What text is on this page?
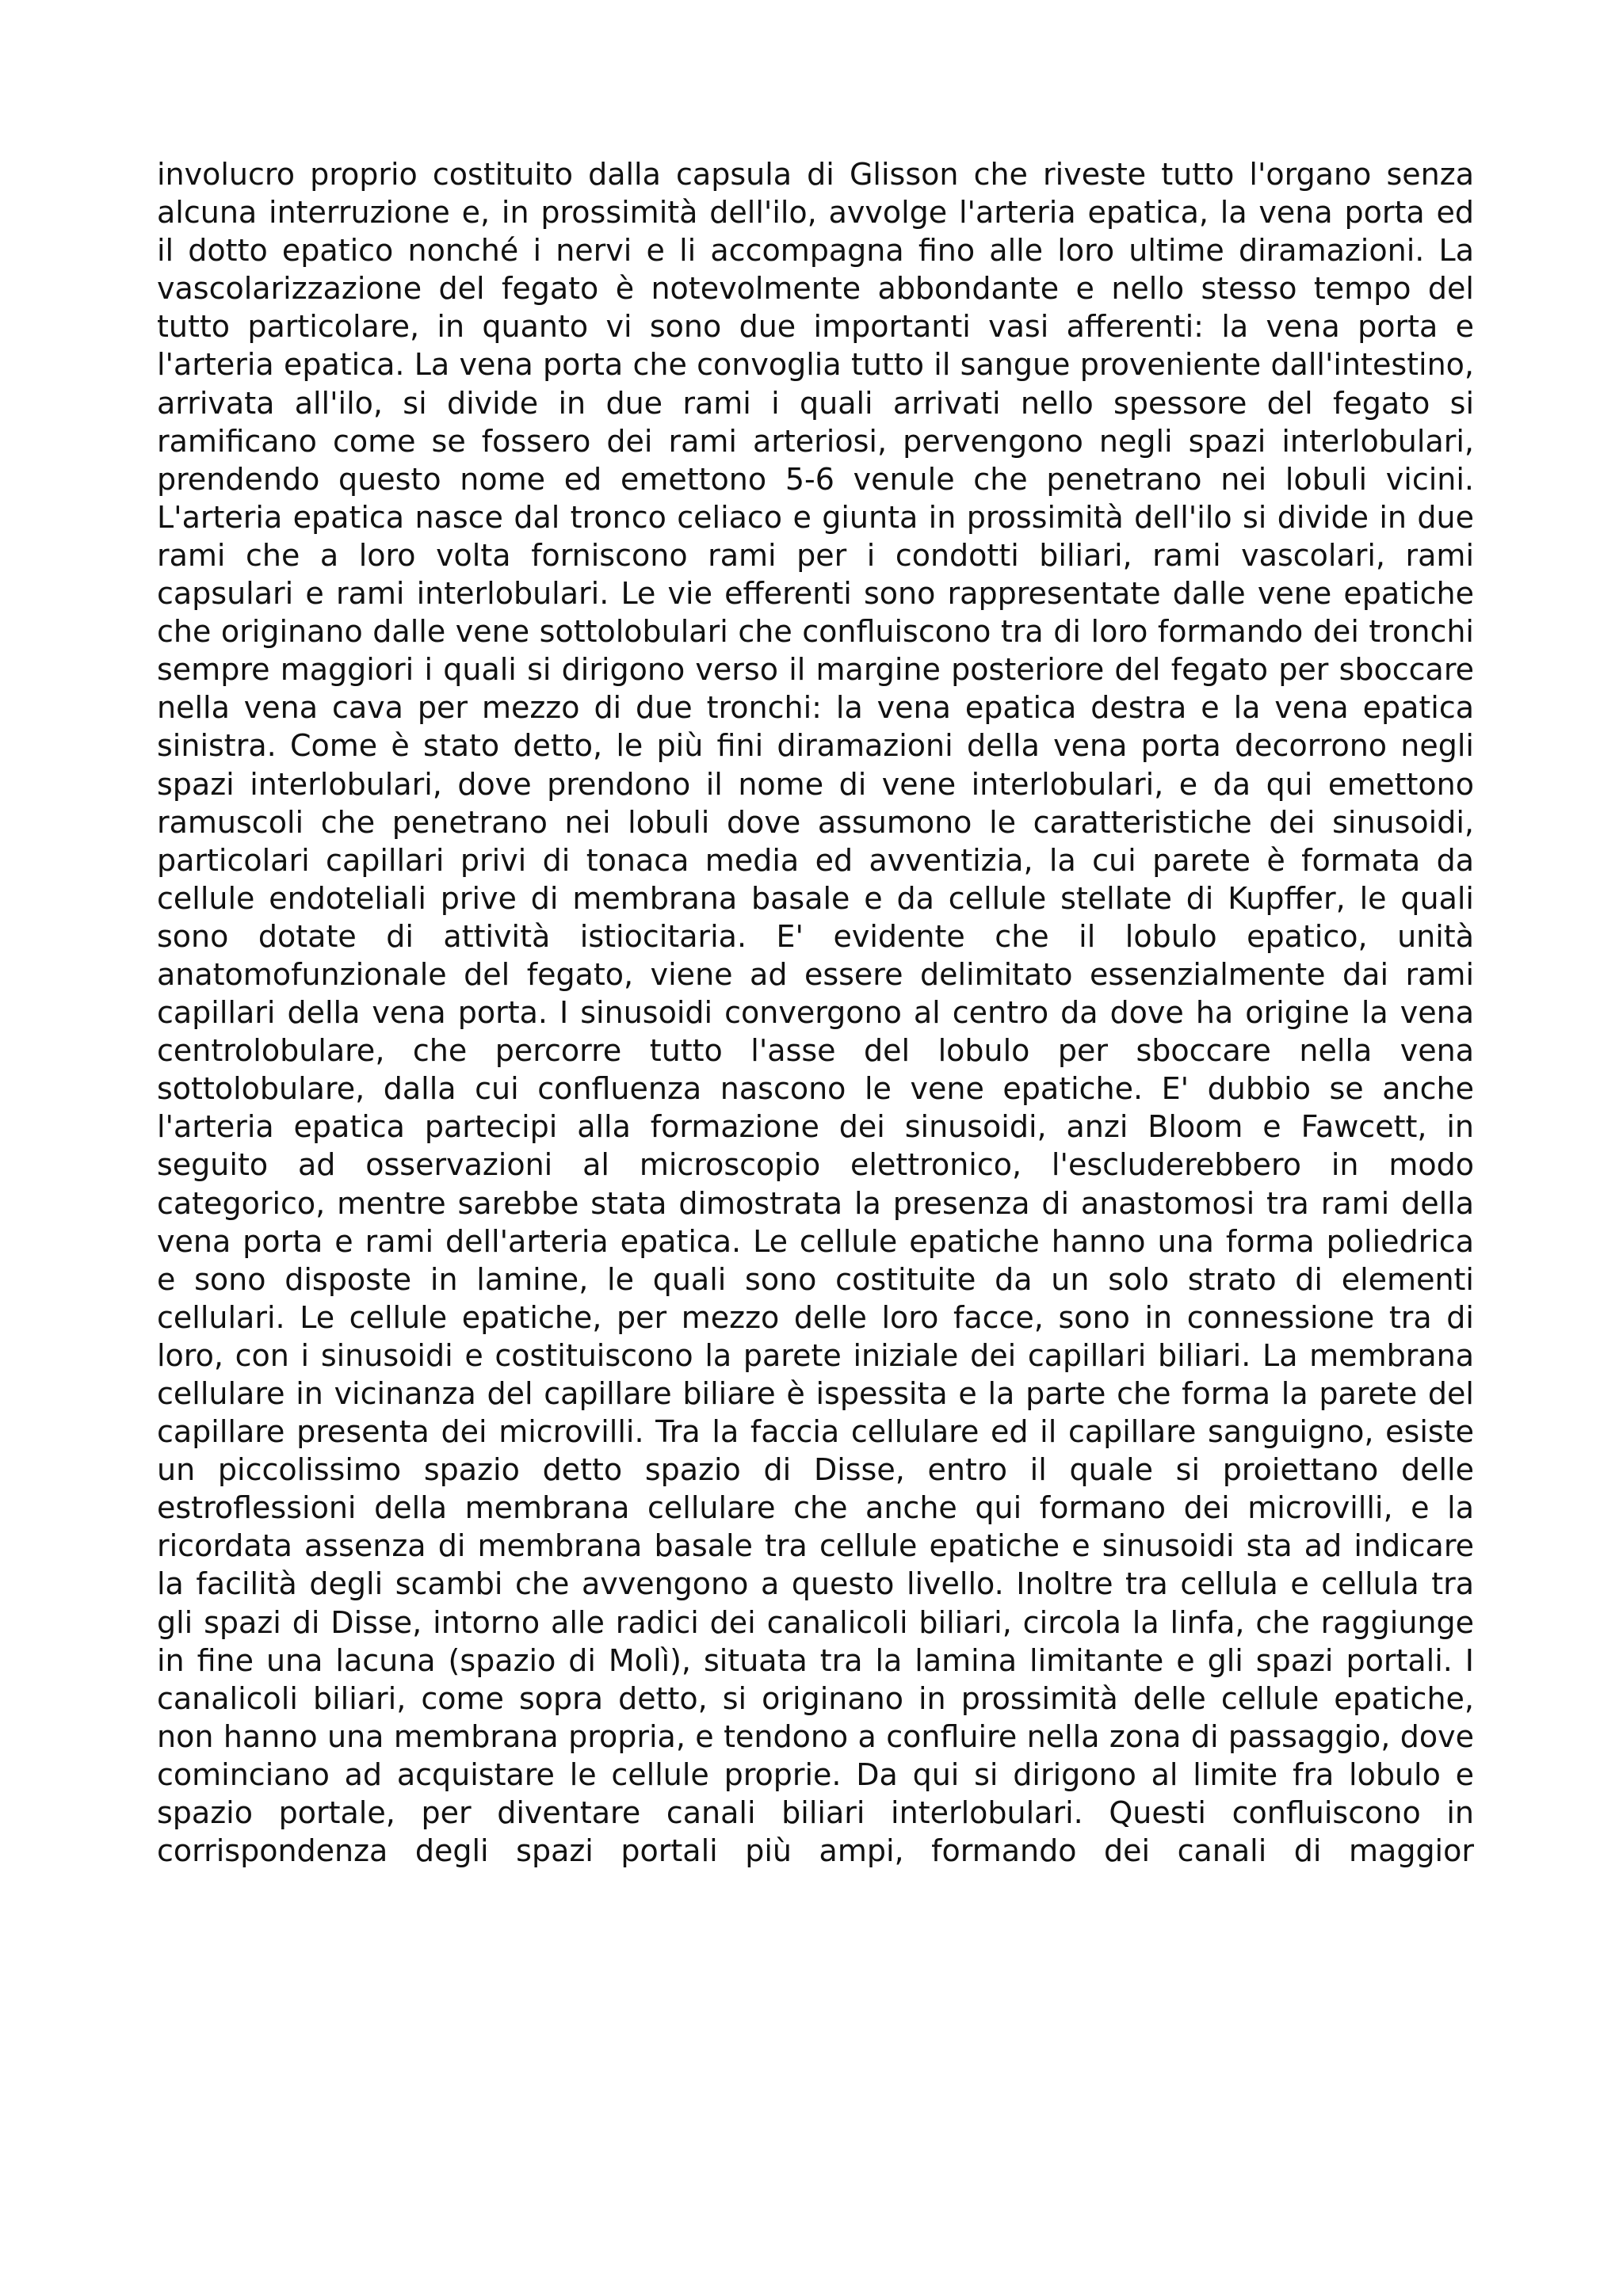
involucro proprio costituito dalla capsula di Glisson che riveste tutto l'organo senza alcuna interruzione e, in prossimità dell'ilo, avvolge l'arteria epatica, la vena porta ed il dotto epatico nonché i nervi e li accompagna fino alle loro ultime diramazioni. La vascolarizzazione del fegato è notevolmente abbondante e nello stesso tempo del tutto particolare, in quanto vi sono due importanti vasi afferenti: la vena porta e l'arteria epatica. La vena porta che convoglia tutto il sangue proveniente dall'intestino, arrivata all'ilo, si divide in due rami i quali arrivati nello spessore del fegato si ramificano come se fossero dei rami arteriosi, pervengono negli spazi interlobulari, prendendo questo nome ed emettono 5-6 venule che penetrano nei lobuli vicini. L'arteria epatica nasce dal tronco celiaco e giunta in prossimità dell'ilo si divide in due rami che a loro volta forniscono rami per i condotti biliari, rami vascolari, rami capsulari e rami interlobulari. Le vie efferenti sono rappresentate dalle vene epatiche che originano dalle vene sottolobulari che confluiscono tra di loro formando dei tronchi sempre maggiori i quali si dirigono verso il margine posteriore del fegato per sboccare nella vena cava per mezzo di due tronchi: la vena epatica destra e la vena epatica sinistra. Come è stato detto, le più fini diramazioni della vena porta decorrono negli spazi interlobulari, dove prendono il nome di vene interlobulari, e da qui emettono ramuscoli che penetrano nei lobuli dove assumono le caratteristiche dei sinusoidi, particolari capillari privi di tonaca media ed avventizia, la cui parete è formata da cellule endoteliali prive di membrana basale e da cellule stellate di Kupffer, le quali sono dotate di attività istiocitaria. E' evidente che il lobulo epatico, unità anatomofunzionale del fegato, viene ad essere delimitato essenzialmente dai rami capillari della vena porta. I sinusoidi convergono al centro da dove ha origine la vena centrolobulare, che percorre tutto l'asse del lobulo per sboccare nella vena sottolobulare, dalla cui confluenza nascono le vene epatiche. E' dubbio se anche l'arteria epatica partecipi alla formazione dei sinusoidi, anzi Bloom e Fawcett, in seguito ad osservazioni al microscopio elettronico, l'escluderebbero in modo categorico, mentre sarebbe stata dimostrata la presenza di anastomosi tra rami della vena porta e rami dell'arteria epatica. Le cellule epatiche hanno una forma poliedrica e sono disposte in lamine, le quali sono costituite da un solo strato di elementi cellulari. Le cellule epatiche, per mezzo delle loro facce, sono in connessione tra di loro, con i sinusoidi e costituiscono la parete iniziale dei capillari biliari. La membrana cellulare in vicinanza del capillare biliare è ispessita e la parte che forma la parete del capillare presenta dei microvilli. Tra la faccia cellulare ed il capillare sanguigno, esiste un piccolissimo spazio detto spazio di Disse, entro il quale si proiettano delle estroflessioni della membrana cellulare che anche qui formano dei microvilli, e la ricordata assenza di membrana basale tra cellule epatiche e sinusoidi sta ad indicare la facilità degli scambi che avvengono a questo livello. Inoltre tra cellula e cellula tra gli spazi di Disse, intorno alle radici dei canalicoli biliari, circola la linfa, che raggiunge in fine una lacuna (spazio di Molì), situata tra la lamina limitante e gli spazi portali. I canalicoli biliari, come sopra detto, si originano in prossimità delle cellule epatiche, non hanno una membrana propria, e tendono a confluire nella zona di passaggio, dove cominciano ad acquistare le cellule proprie. Da qui si dirigono al limite fra lobulo e spazio portale, per diventare canali biliari interlobulari. Questi confluiscono in corrispondenza degli spazi portali più ampi, formando dei canali di maggior
